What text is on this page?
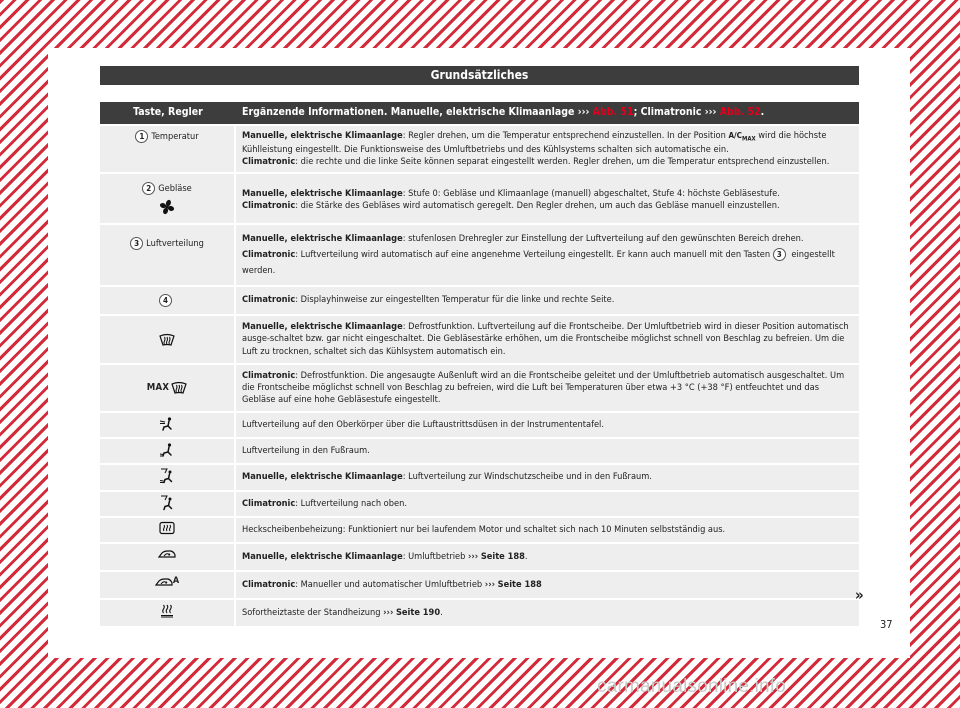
Grundsätzliches
Taste, Regler	Ergänzende Informationen. Manuelle, elektrische Klimaanlage ››› Abb. 51; Climatronic ››› Abb. 52.
1 Temperatur	Manuelle, elektrische Klimaanlage: Regler drehen, um die Temperatur entsprechend einzustellen. In der Position $A/C_{MAX}$ wird die höchste Kühlleistung eingestellt. Die Funktionsweise des Umluftbetriebs und des Kühlsystems schalten sich automatische ein.
Climatronic: die rechte und die linke Seite können separat eingestellt werden. Regler drehen, um die Temperatur entsprechend einzustellen.
2 Gebläse	Manuelle, elektrische Klimaanlage: Stufe 0: Gebläse und Klimaanlage (manuell) abgeschaltet, Stufe 4: höchste Gebläsestufe.
Climatronic: die Stärke des Gebläses wird automatisch geregelt. Den Regler drehen, um auch das Gebläse manuell einzustellen.
3 Luftverteilung	Manuelle, elektrische Klimaanlage: stufenlosen Drehregler zur Einstellung der Luftverteilung auf den gewünschten Bereich drehen.
Climatronic: Luftverteilung wird automatisch auf eine angenehme Verteilung eingestellt. Er kann auch manuell mit den Tasten 3 eingestellt werden.
4	Climatronic: Displayhinweise zur eingestellten Temperatur für die linke und rechte Seite.
	Manuelle, elektrische Klimaanlage: Defrostfunktion. Luftverteilung auf die Frontscheibe. Der Umluftbetrieb wird in dieser Position automatisch ausge-schaltet bzw. gar nicht eingeschaltet. Die Gebläsestärke erhöhen, um die Frontscheibe möglichst schnell von Beschlag zu befreien. Um die Luft zu trocknen, schaltet sich das Kühlsystem automatisch ein.
MAX	Climatronic: Defrostfunktion. Die angesaugte Außenluft wird an die Frontscheibe geleitet und der Umluftbetrieb automatisch ausgeschaltet. Um die Frontscheibe möglichst schnell von Beschlag zu befreien, wird die Luft bei Temperaturen über etwa +3 °C (+38 °F) entfeuchtet und das Gebläse auf eine hohe Gebläsestufe eingestellt.
	Luftverteilung auf den Oberkörper über die Luftaustrittsdüsen in der Instrumententafel.
	Luftverteilung in den Fußraum.
	Manuelle, elektrische Klimaanlage: Luftverteilung zur Windschutzscheibe und in den Fußraum.
	Climatronic: Luftverteilung nach oben.
	Heckscheibenbeheizung: Funktioniert nur bei laufendem Motor und schaltet sich nach 10 Minuten selbstständig aus.
	Manuelle, elektrische Klimaanlage: Umluftbetrieb ››› Seite 188.
A	Climatronic: Manueller und automatischer Umluftbetrieb ››› Seite 188
	Sofortheiztaste der Standheizung ››› Seite 190.
»
37
carmanualsonline.info
